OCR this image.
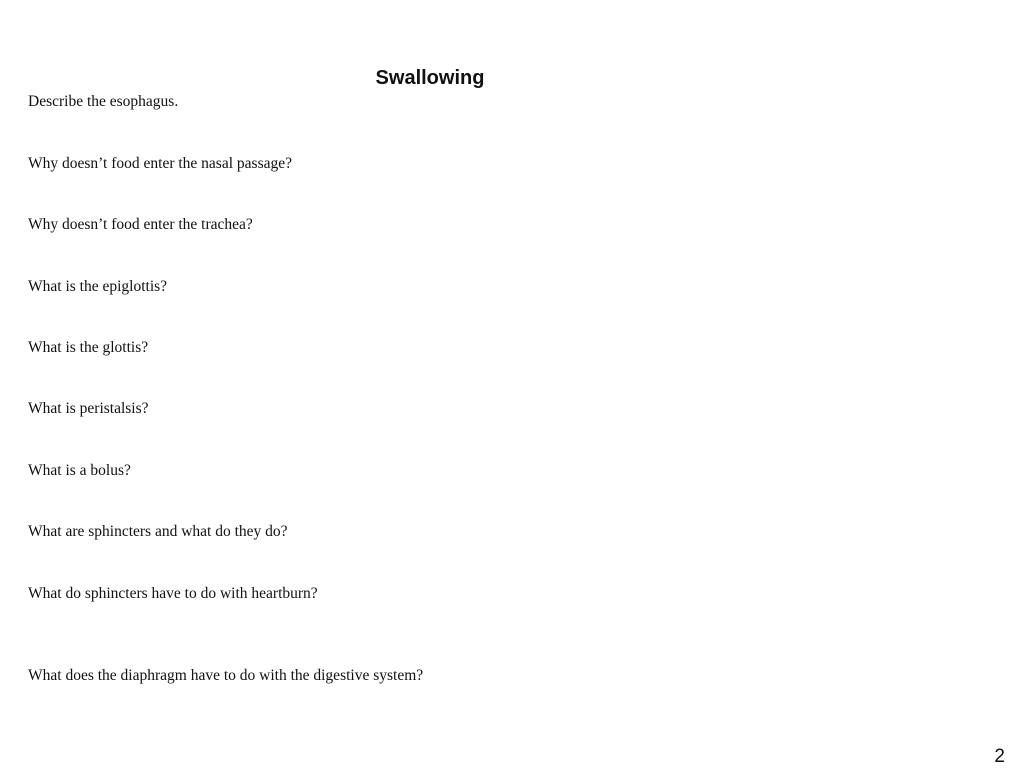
Swallowing

Describe the esophagus.

Why doesn’t food enter the nasal passage?

Why doesn’t food enter the trachea?

What is the epiglottis?

What is the glottis?

What is peristalsis?

What is a bolus?

What are sphincters and what do they do?

What do sphincters have to do with heartburn?

What does the diaphragm have to do with the digestive system?

2
